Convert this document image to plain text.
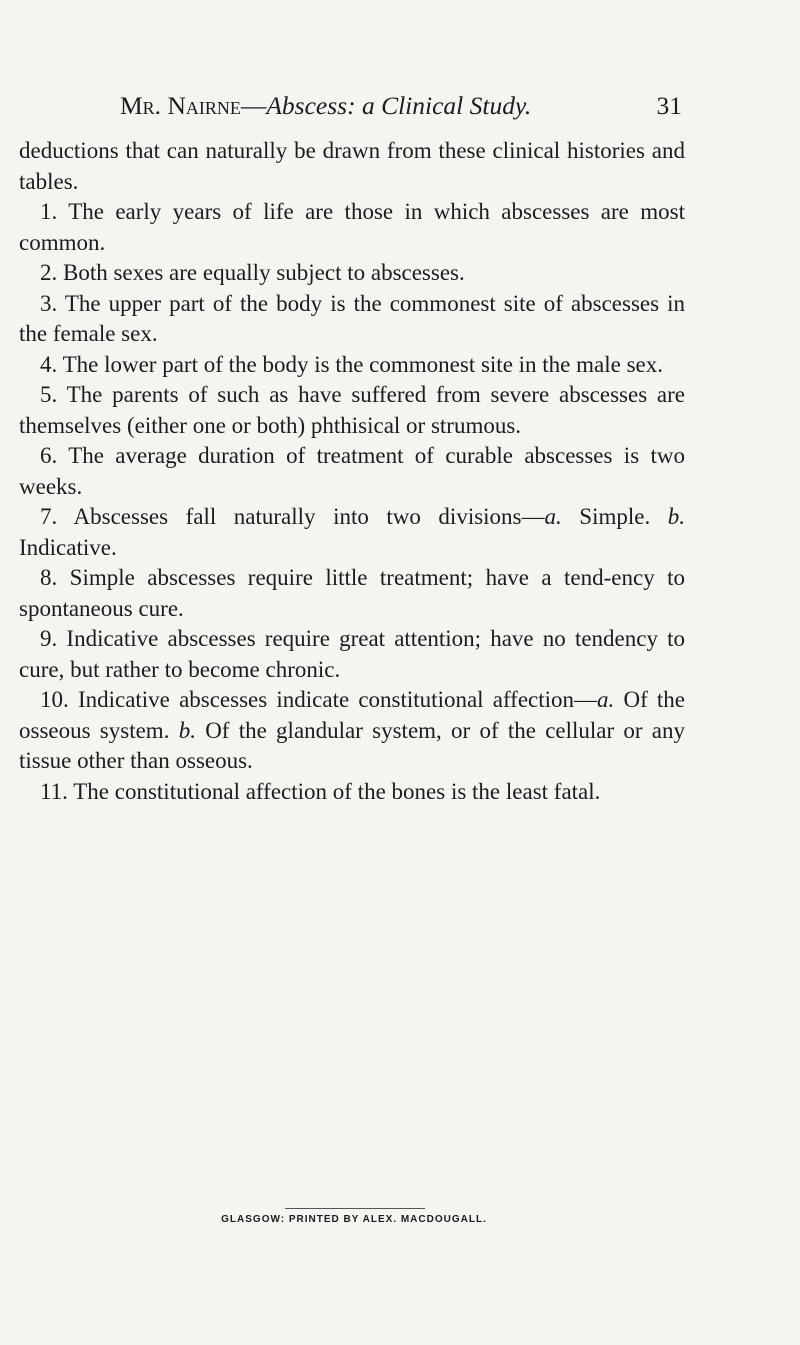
Mr. Nairne—Abscess: a Clinical Study.	31

deductions that can naturally be drawn from these clinical histories and tables.

1. The early years of life are those in which abscesses are most common.

2. Both sexes are equally subject to abscesses.

3. The upper part of the body is the commonest site of abscesses in the female sex.

4. The lower part of the body is the commonest site in the male sex.

5. The parents of such as have suffered from severe abscesses are themselves (either one or both) phthisical or strumous.

6. The average duration of treatment of curable abscesses is two weeks.

7. Abscesses fall naturally into two divisions—a. Simple. b. Indicative.

8. Simple abscesses require little treatment; have a tend-ency to spontaneous cure.

9. Indicative abscesses require great attention; have no tendency to cure, but rather to become chronic.

10. Indicative abscesses indicate constitutional affection—a. Of the osseous system. b. Of the glandular system, or of the cellular or any tissue other than osseous.

11. The constitutional affection of the bones is the least fatal.

GLASGOW: PRINTED BY ALEX. MACDOUGALL.
